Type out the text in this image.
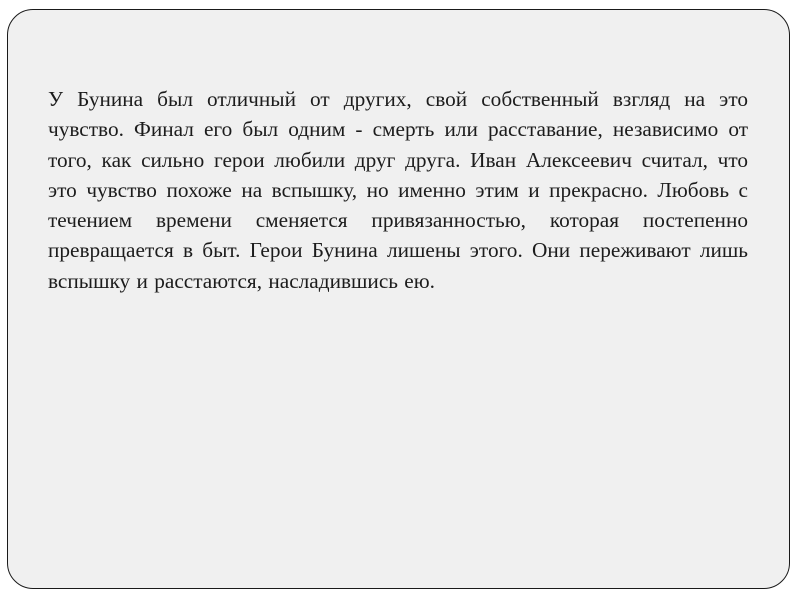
У Бунина был отличный от других, свой собственный взгляд на это чувство. Финал его был одним - смерть или расставание, независимо от того, как сильно герои любили друг друга. Иван Алексеевич считал, что это чувство похоже на вспышку, но именно этим и прекрасно. Любовь с течением времени сменяется привязанностью, которая постепенно превращается в быт. Герои Бунина лишены этого. Они переживают лишь вспышку и расстаются, насладившись ею.
